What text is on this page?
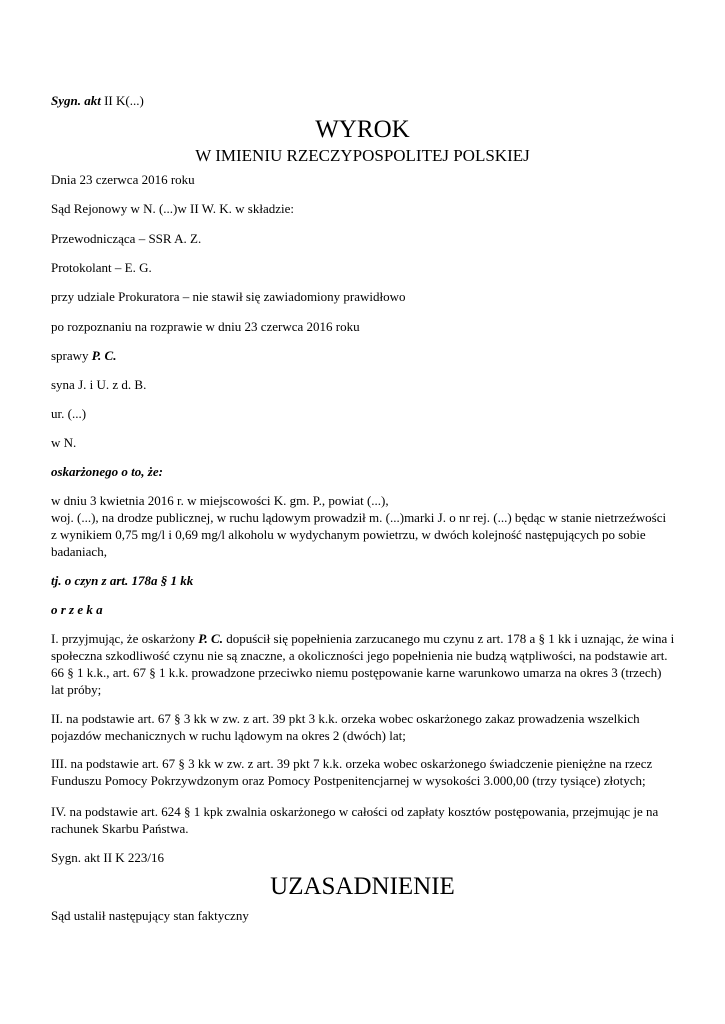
Sygn. akt II K(...)
WYROK
W IMIENIU RZECZYPOSPOLITEJ POLSKIEJ
Dnia 23 czerwca 2016 roku
Sąd Rejonowy w N. (...)w II W. K. w składzie:
Przewodnicząca – SSR A. Z.
Protokolant – E. G.
przy udziale Prokuratora – nie stawił się zawiadomiony prawidłowo
po rozpoznaniu na rozprawie w dniu 23 czerwca 2016 roku
sprawy P. C.
syna J. i U. z d. B.
ur. (...)
w N.
oskarżonego o to, że:
w dniu 3 kwietnia 2016 r. w miejscowości K. gm. P., powiat (...),
woj. (...), na drodze publicznej, w ruchu lądowym prowadził m. (...)marki J. o nr rej. (...) będąc w stanie nietrzeźwości
z wynikiem 0,75 mg/l i 0,69 mg/l alkoholu w wydychanym powietrzu, w dwóch kolejność następujących po sobie
badaniach,
tj. o czyn z art. 178a § 1 kk
o r z e k a
I. przyjmując, że oskarżony P. C. dopuścił się popełnienia zarzucanego mu czynu z art. 178 a § 1 kk i uznając, że wina i
społeczna szkodliwość czynu nie są znaczne, a okoliczności jego popełnienia nie budzą wątpliwości, na podstawie art.
66 § 1 k.k., art. 67 § 1 k.k. prowadzone przeciwko niemu postępowanie karne warunkowo umarza na okres 3 (trzech)
lat próby;
II. na podstawie art. 67 § 3 kk w zw. z art. 39 pkt 3 k.k. orzeka wobec oskarżonego zakaz prowadzenia wszelkich
pojazdów mechanicznych w ruchu lądowym na okres 2 (dwóch) lat;
III. na podstawie art. 67 § 3 kk w zw. z art. 39 pkt 7 k.k. orzeka wobec oskarżonego świadczenie pieniężne na rzecz
Funduszu Pomocy Pokrzywdzonym oraz Pomocy Postpenitencjarnej w wysokości 3.000,00 (trzy tysiące) złotych;
IV. na podstawie art. 624 § 1 kpk zwalnia oskarżonego w całości od zapłaty kosztów postępowania, przejmując je na
rachunek Skarbu Państwa.
Sygn. akt II K 223/16
UZASADNIENIE
Sąd ustalił następujący stan faktyczny
